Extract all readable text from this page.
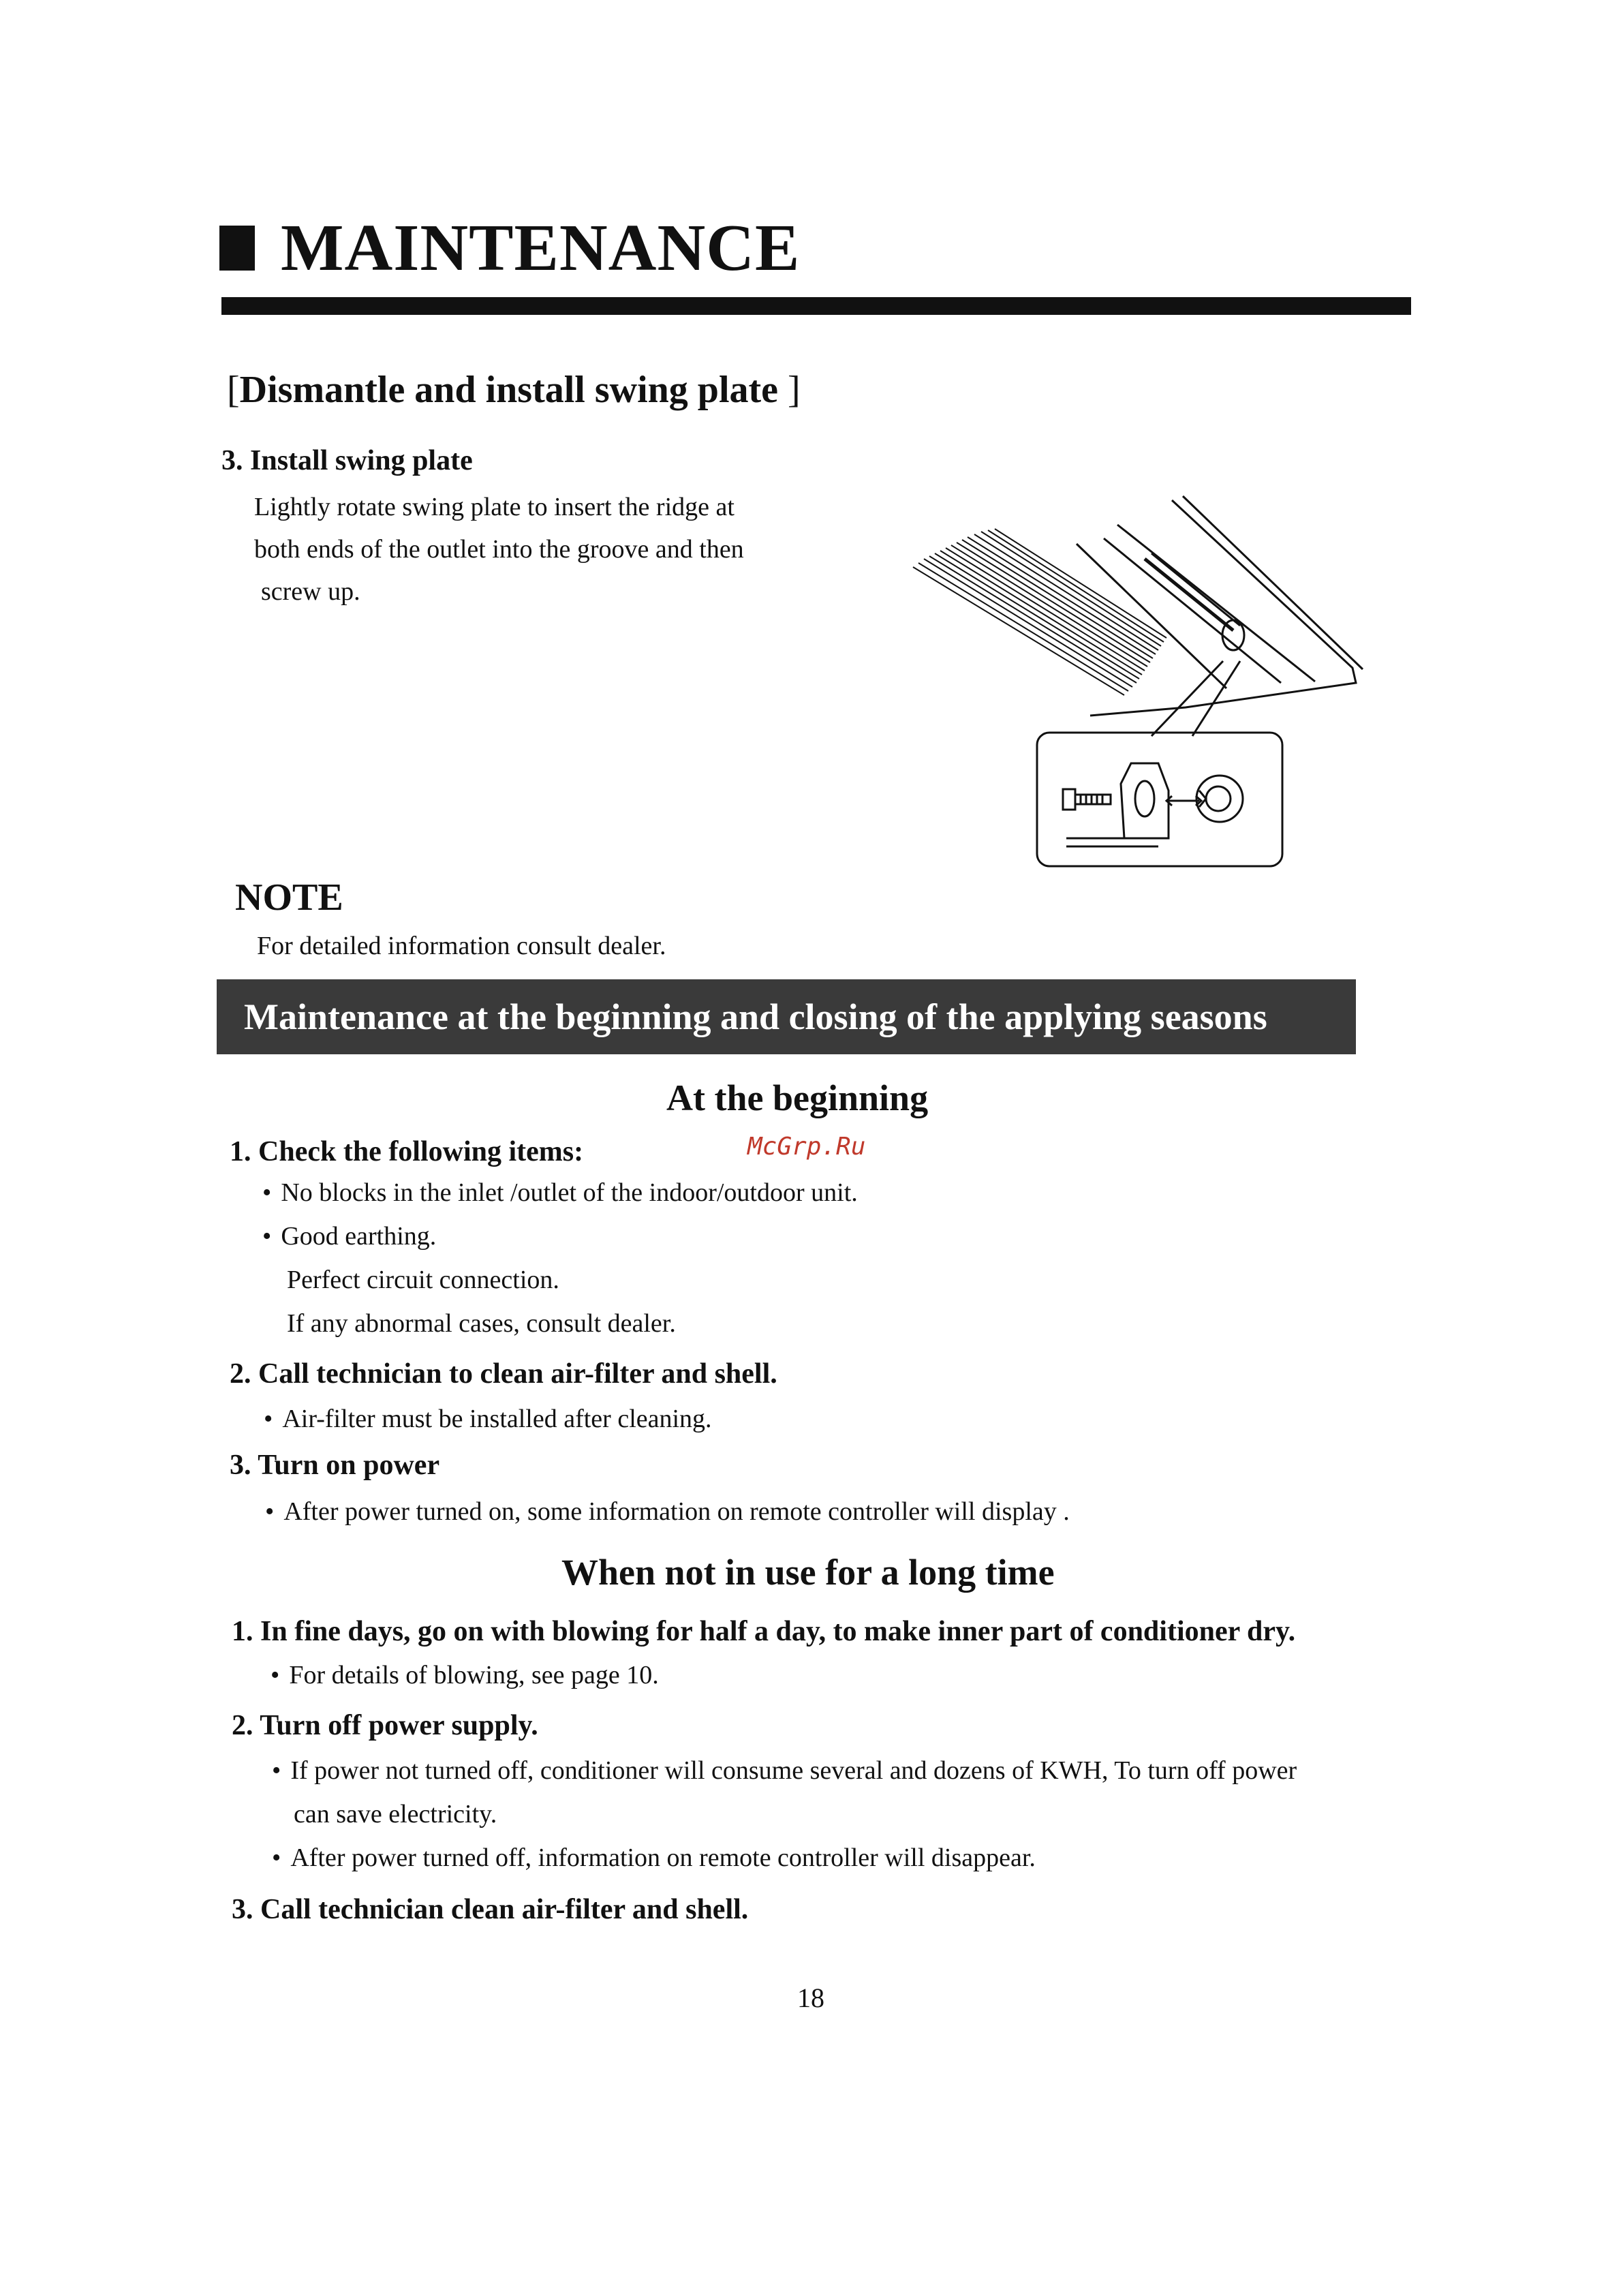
MAINTENANCE
[Dismantle and install swing plate ]
3. Install swing plate
Lightly rotate swing plate to insert the ridge at
both ends of the outlet into the groove and then
screw up.
NOTE
For detailed information consult dealer.
Maintenance at the beginning and closing of the applying seasons
At the beginning
McGrp.Ru
1. Check the following items:
• No blocks in the inlet /outlet of the indoor/outdoor unit.
• Good earthing.
Perfect circuit connection.
If any abnormal cases, consult dealer.
2. Call technician to clean air-filter and shell.
• Air-filter must be installed after cleaning.
3. Turn on power
• After power turned on, some information on remote controller will display .
When not in use for a long time
1. In fine days, go on with blowing for half a day, to make inner part of conditioner dry.
• For details of blowing, see page 10.
2. Turn off power supply.
• If power not turned off, conditioner will consume several and dozens of KWH, To turn off power
can save electricity.
• After power turned off, information on remote controller will disappear.
3. Call technician clean air-filter and shell.
18
